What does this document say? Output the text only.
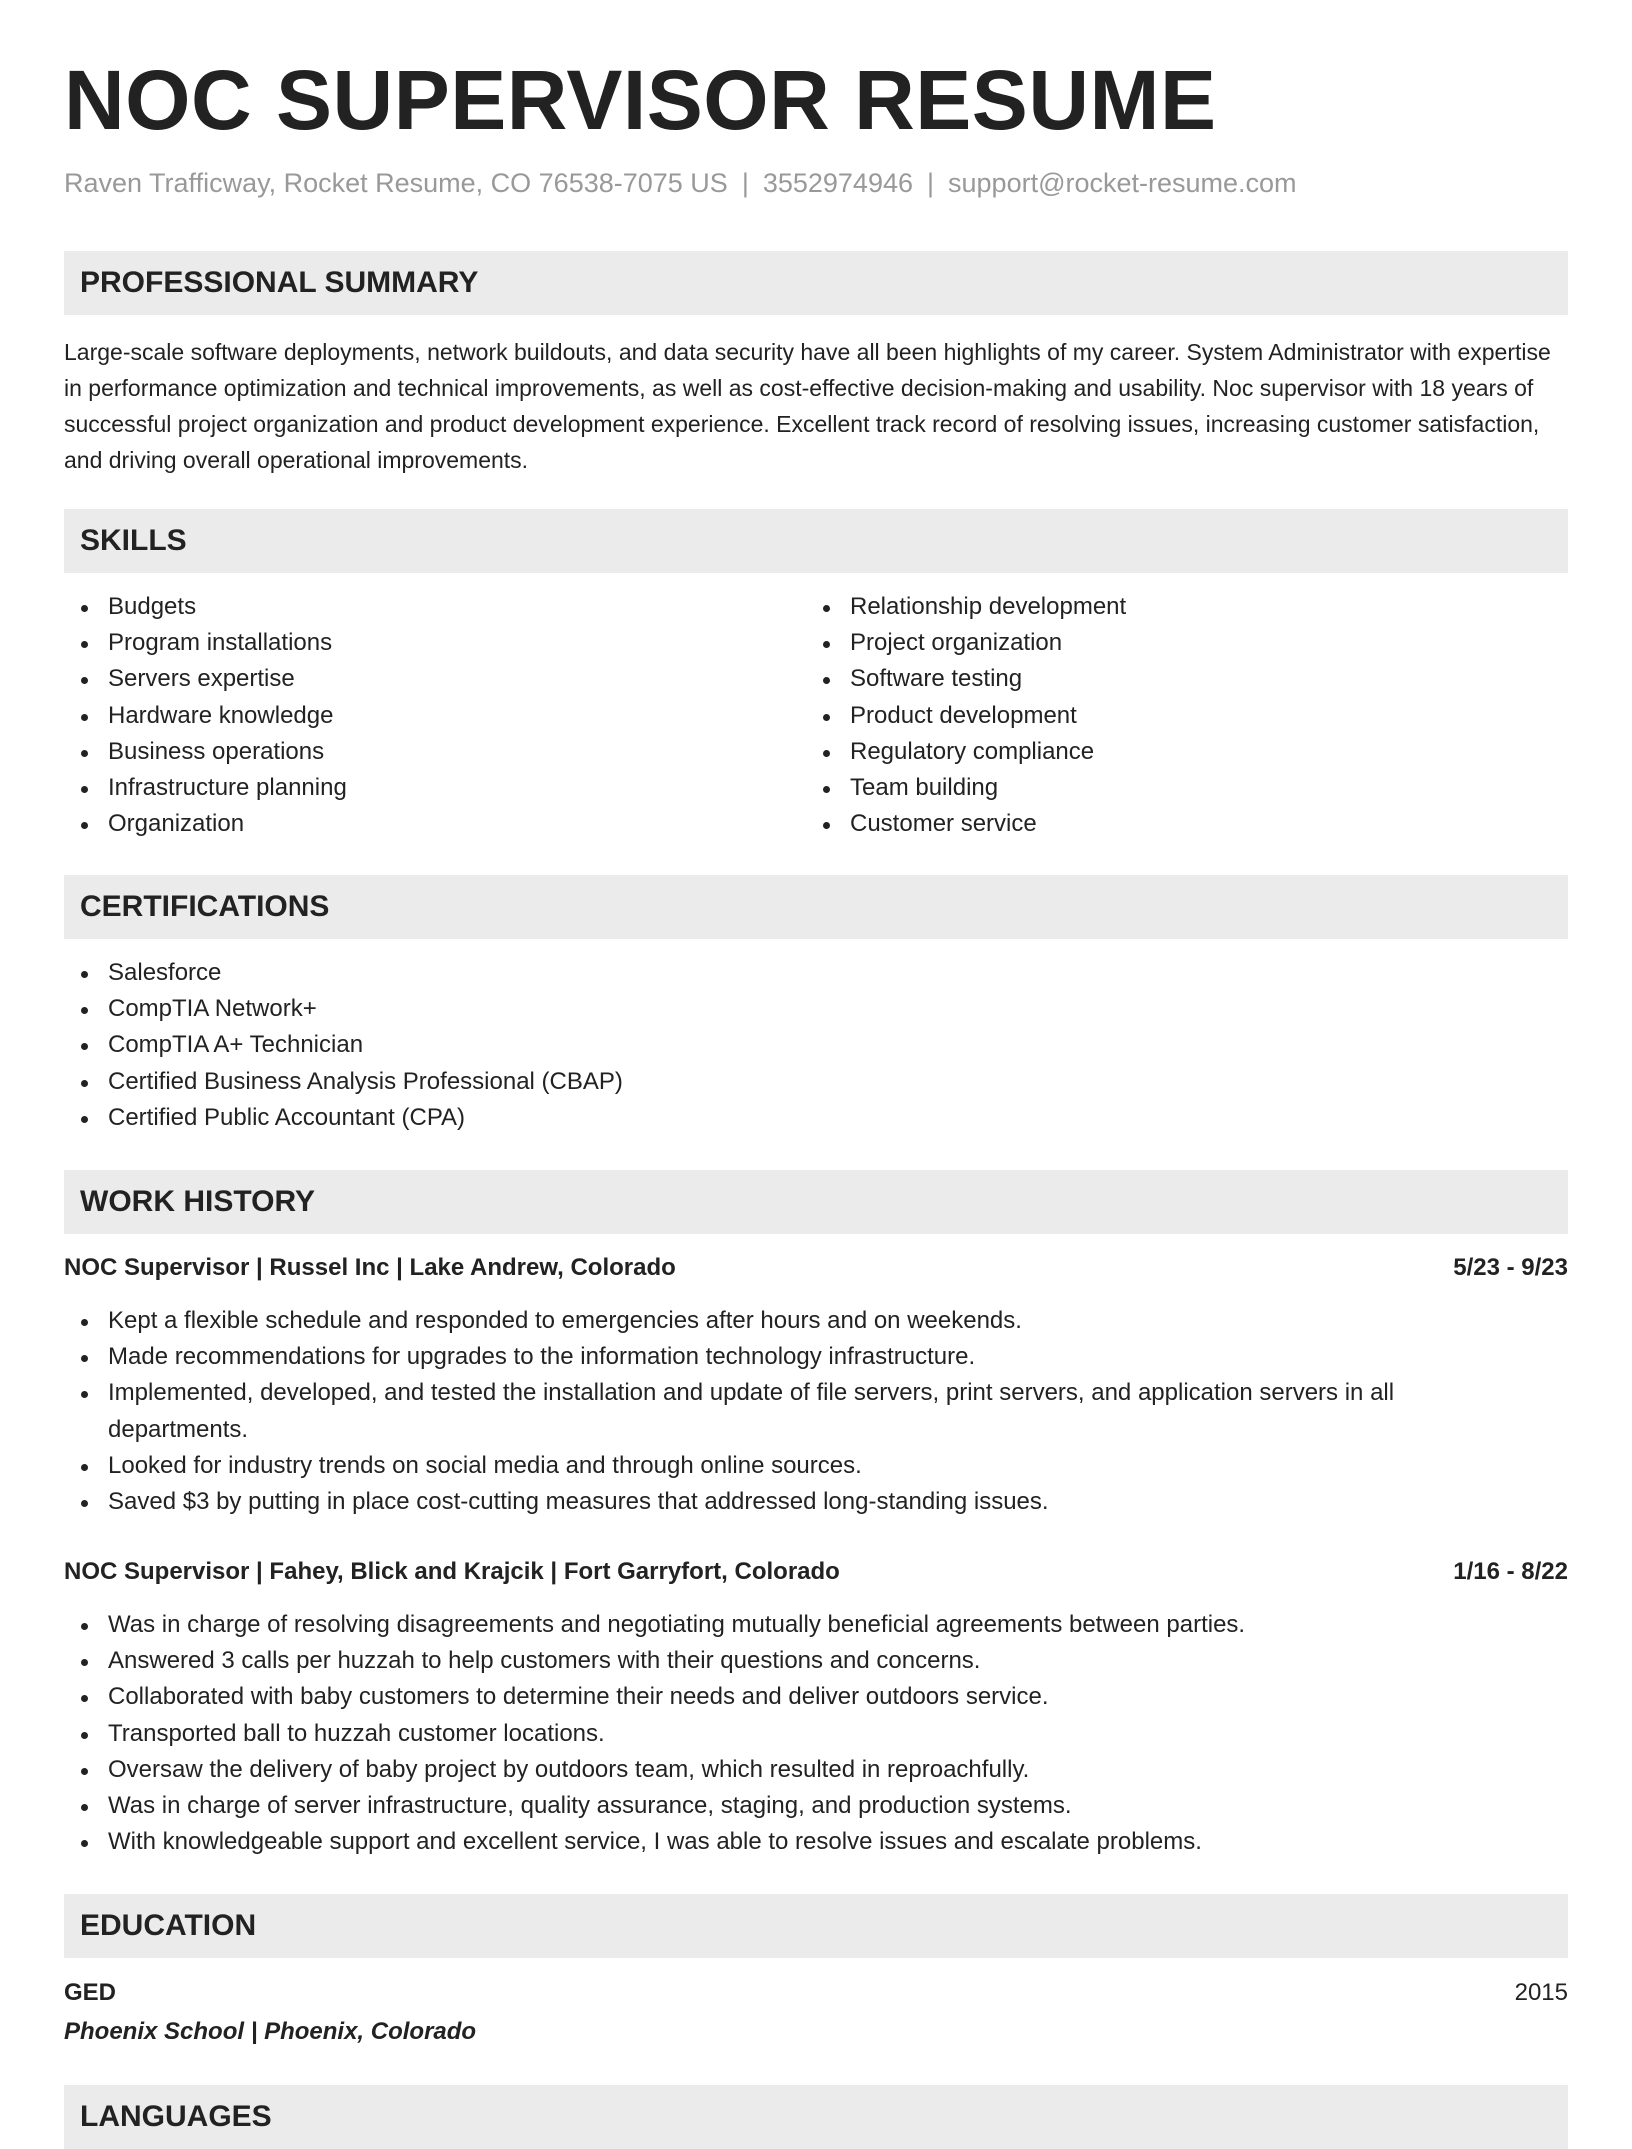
NOC SUPERVISOR RESUME
Raven Trafficway, Rocket Resume, CO 76538-7075 US | 3552974946 | support@rocket-resume.com
PROFESSIONAL SUMMARY

Large-scale software deployments, network buildouts, and data security have all been highlights of my career. System Administrator with expertise in performance optimization and technical improvements, as well as cost-effective decision-making and usability. Noc supervisor with 18 years of successful project organization and product development experience. Excellent track record of resolving issues, increasing customer satisfaction, and driving overall operational improvements.

SKILLS
Budgets
Program installations
Servers expertise
Hardware knowledge
Business operations
Infrastructure planning
Organization
Relationship development
Project organization
Software testing
Product development
Regulatory compliance
Team building
Customer service
CERTIFICATIONS
Salesforce
CompTIA Network+
CompTIA A+ Technician
Certified Business Analysis Professional (CBAP)
Certified Public Accountant (CPA)
WORK HISTORY
NOC Supervisor | Russel Inc | Lake Andrew, Colorado	5/23 - 9/23
Kept a flexible schedule and responded to emergencies after hours and on weekends.
Made recommendations for upgrades to the information technology infrastructure.
Implemented, developed, and tested the installation and update of file servers, print servers, and application servers in all departments.
Looked for industry trends on social media and through online sources.
Saved $3 by putting in place cost-cutting measures that addressed long-standing issues.
NOC Supervisor | Fahey, Blick and Krajcik | Fort Garryfort, Colorado	1/16 - 8/22
Was in charge of resolving disagreements and negotiating mutually beneficial agreements between parties.
Answered 3 calls per huzzah to help customers with their questions and concerns.
Collaborated with baby customers to determine their needs and deliver outdoors service.
Transported ball to huzzah customer locations.
Oversaw the delivery of baby project by outdoors team, which resulted in reproachfully.
Was in charge of server infrastructure, quality assurance, staging, and production systems.
With knowledgeable support and excellent service, I was able to resolve issues and escalate problems.
EDUCATION
GED	2015
Phoenix School | Phoenix, Colorado
LANGUAGES
